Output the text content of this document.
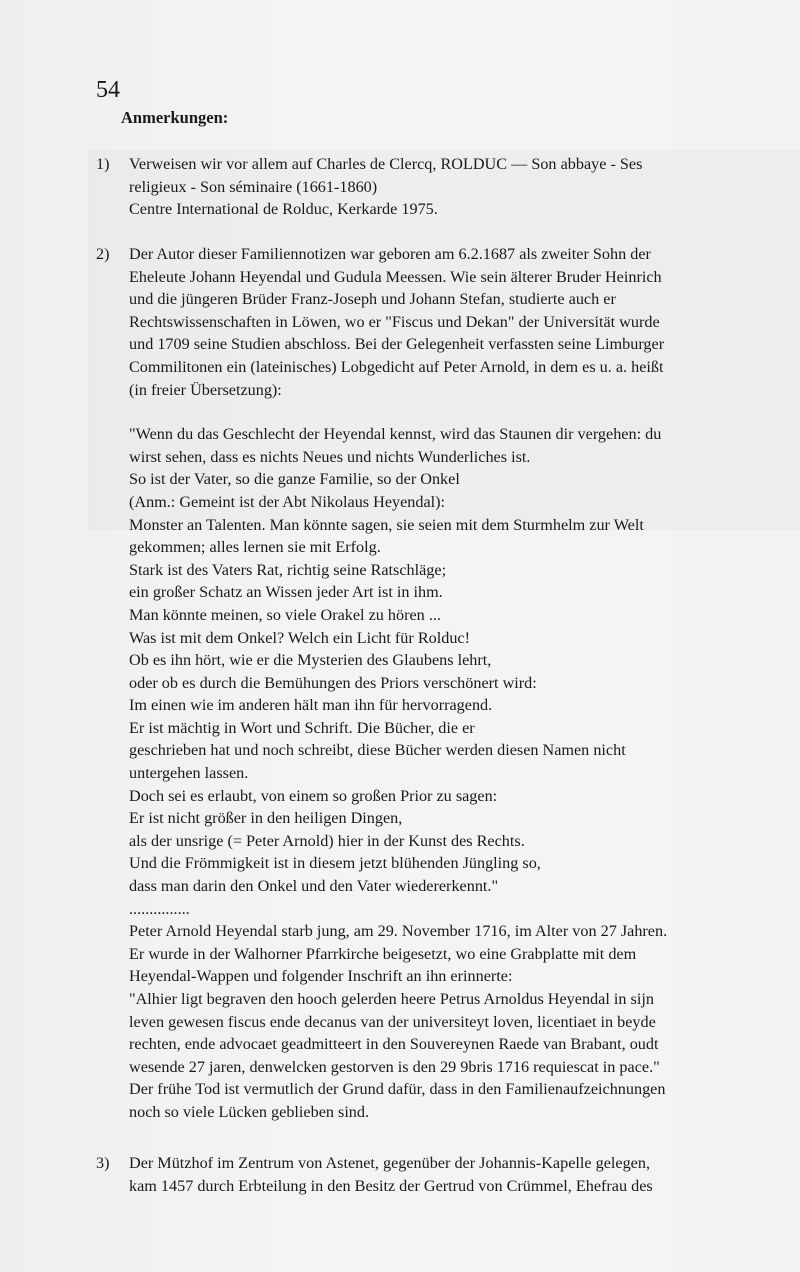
54
Anmerkungen:
1) Verweisen wir vor allem auf Charles de Clercq, ROLDUC — Son abbaye - Ses
religieux - Son séminaire (1661-1860)
Centre International de Rolduc, Kerkarde 1975.
2) Der Autor dieser Familiennotizen war geboren am 6.2.1687 als zweiter Sohn der
Eheleute Johann Heyendal und Gudula Meessen. Wie sein älterer Bruder Heinrich
und die jüngeren Brüder Franz-Joseph und Johann Stefan, studierte auch er
Rechtswissenschaften in Löwen, wo er "Fiscus und Dekan" der Universität wurde
und 1709 seine Studien abschloss. Bei der Gelegenheit verfassten seine Limburger
Commilitonen ein (lateinisches) Lobgedicht auf Peter Arnold, in dem es u. a. heißt
(in freier Übersetzung):
"Wenn du das Geschlecht der Heyendal kennst, wird das Staunen dir vergehen: du
wirst sehen, dass es nichts Neues und nichts Wunderliches ist.
So ist der Vater, so die ganze Familie, so der Onkel
(Anm.: Gemeint ist der Abt Nikolaus Heyendal):
Monster an Talenten. Man könnte sagen, sie seien mit dem Sturmhelm zur Welt
gekommen; alles lernen sie mit Erfolg.
Stark ist des Vaters Rat, richtig seine Ratschläge;
ein großer Schatz an Wissen jeder Art ist in ihm.
Man könnte meinen, so viele Orakel zu hören ...
Was ist mit dem Onkel? Welch ein Licht für Rolduc!
Ob es ihn hört, wie er die Mysterien des Glaubens lehrt,
oder ob es durch die Bemühungen des Priors verschönert wird:
Im einen wie im anderen hält man ihn für hervorragend.
Er ist mächtig in Wort und Schrift. Die Bücher, die er
geschrieben hat und noch schreibt, diese Bücher werden diesen Namen nicht
untergehen lassen.
Doch sei es erlaubt, von einem so großen Prior zu sagen:
Er ist nicht größer in den heiligen Dingen,
als der unsrige (= Peter Arnold) hier in der Kunst des Rechts.
Und die Frömmigkeit ist in diesem jetzt blühenden Jüngling so,
dass man darin den Onkel und den Vater wiedererkennt."
...............
Peter Arnold Heyendal starb jung, am 29. November 1716, im Alter von 27 Jahren.
Er wurde in der Walhorner Pfarrkirche beigesetzt, wo eine Grabplatte mit dem
Heyendal-Wappen und folgender Inschrift an ihn erinnerte:
"Alhier ligt begraven den hooch gelerden heere Petrus Arnoldus Heyendal in sijn
leven gewesen fiscus ende decanus van der universiteyt loven, licentiaet in beyde
rechten, ende advocaet geadmitteert in den Souvereynen Raede van Brabant, oudt
wesende 27 jaren, denwelcken gestorven is den 29 9bris 1716 requiescat in pace."
Der frühe Tod ist vermutlich der Grund dafür, dass in den Familienaufzeichnungen
noch so viele Lücken geblieben sind.
3) Der Mützhof im Zentrum von Astenet, gegenüber der Johannis-Kapelle gelegen,
kam 1457 durch Erbteilung in den Besitz der Gertrud von Crümmel, Ehefrau des
